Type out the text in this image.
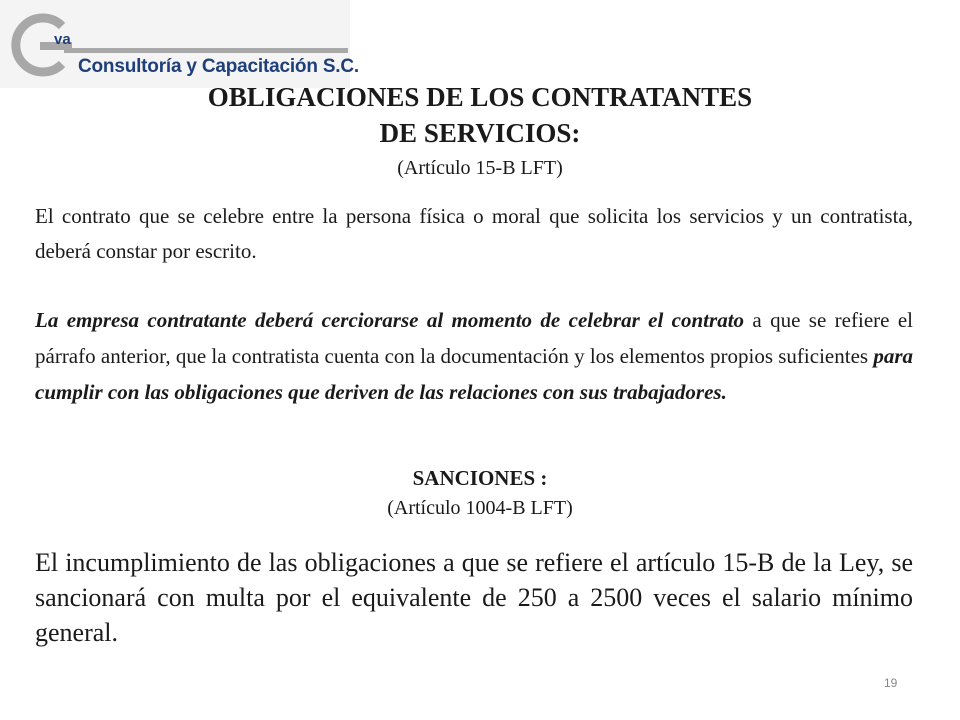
va
Consultoría y Capacitación S.C.
OBLIGACIONES DE LOS CONTRATANTES
DE SERVICIOS:
(Artículo 15-B LFT)

El contrato que se celebre entre la persona física o moral que solicita los servicios y un contratista, deberá constar por escrito.

La empresa contratante deberá cerciorarse al momento de celebrar el contrato a que se refiere el párrafo anterior, que la contratista cuenta con la documentación y los elementos propios suficientes para cumplir con las obligaciones que deriven de las relaciones con sus trabajadores.

SANCIONES :
(Artículo 1004-B LFT)

El incumplimiento de las obligaciones a que se refiere el artículo 15-B de la Ley, se sancionará con multa por el equivalente de 250 a 2500 veces el salario mínimo general.

19
